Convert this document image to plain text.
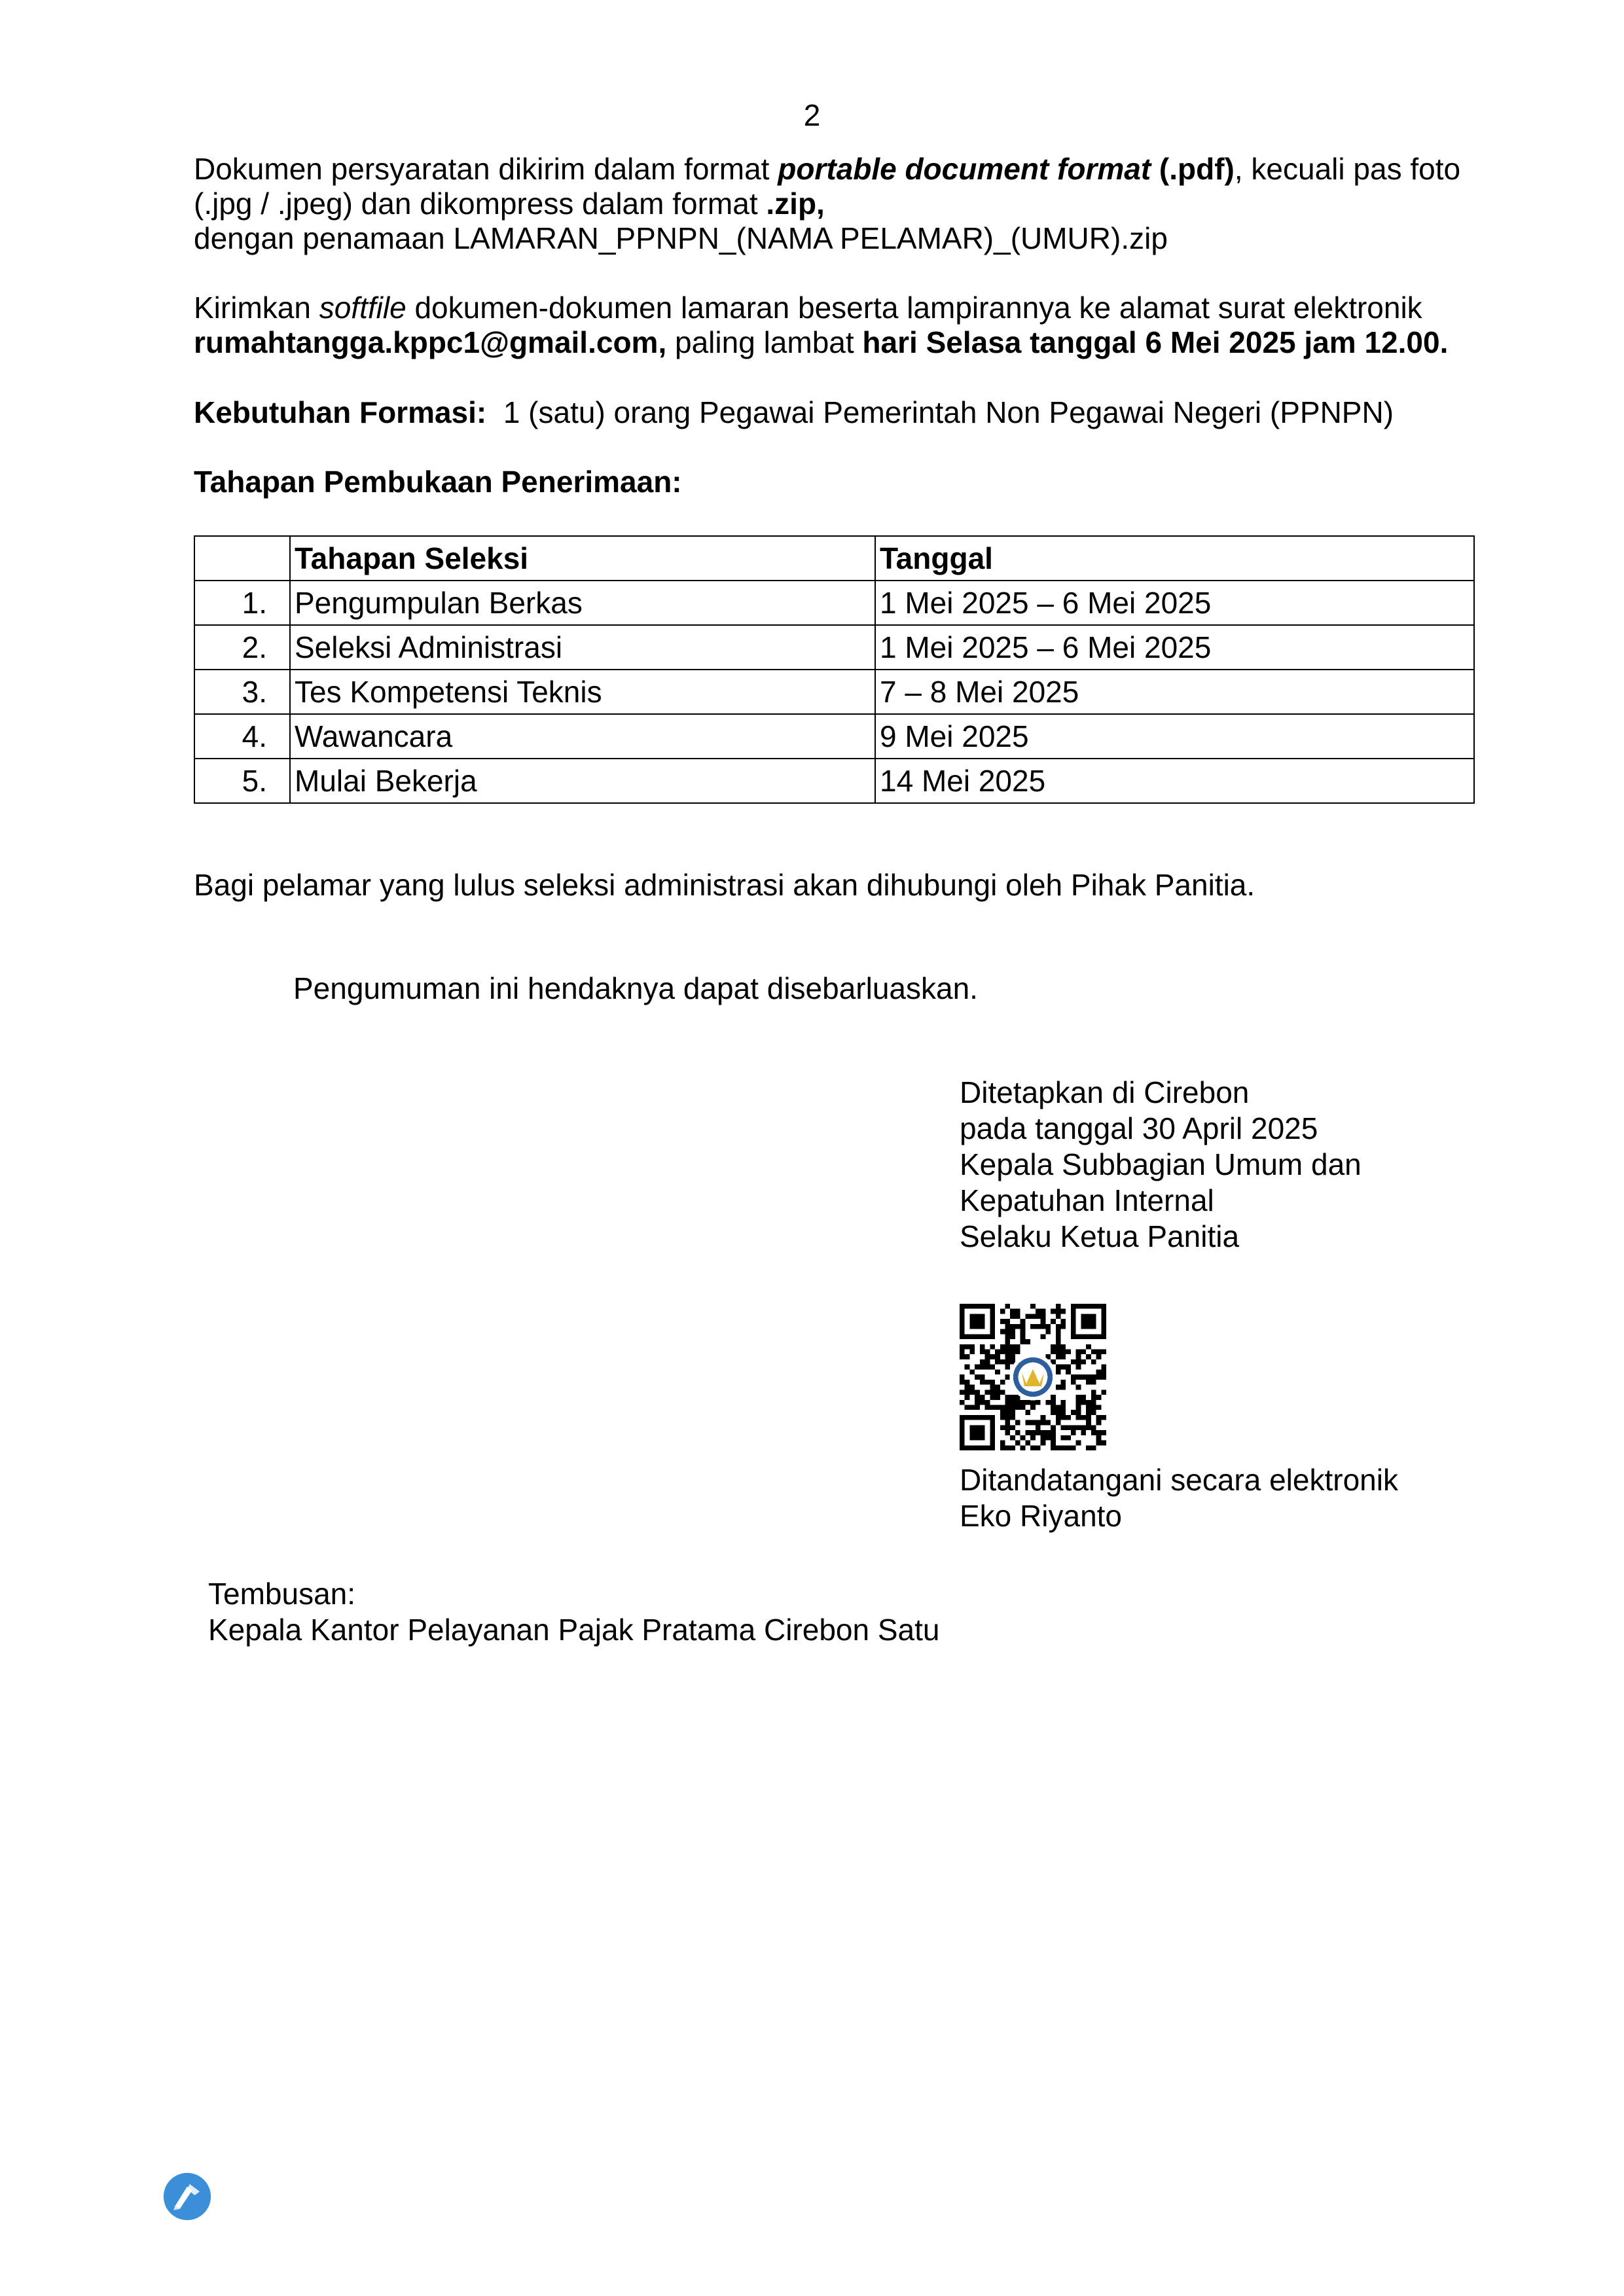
2
Dokumen persyaratan dikirim dalam format portable document format (.pdf), kecuali pas foto
(.jpg / .jpeg) dan dikompress dalam format .zip,
dengan penamaan LAMARAN_PPNPN_(NAMA PELAMAR)_(UMUR).zip
Kirimkan softfile dokumen-dokumen lamaran beserta lampirannya ke alamat surat elektronik
rumahtangga.kppc1@gmail.com, paling lambat hari Selasa tanggal 6 Mei 2025 jam 12.00.
Kebutuhan Formasi: 1 (satu) orang Pegawai Pemerintah Non Pegawai Negeri (PPNPN)
Tahapan Pembukaan Penerimaan:
	Tahapan Seleksi	Tanggal
1.	Pengumpulan Berkas	1 Mei 2025 – 6 Mei 2025
2.	Seleksi Administrasi	1 Mei 2025 – 6 Mei 2025
3.	Tes Kompetensi Teknis	7 – 8 Mei 2025
4.	Wawancara	9 Mei 2025
5.	Mulai Bekerja	14 Mei 2025
Bagi pelamar yang lulus seleksi administrasi akan dihubungi oleh Pihak Panitia.
Pengumuman ini hendaknya dapat disebarluaskan.
Ditetapkan di Cirebon
pada tanggal 30 April 2025
Kepala Subbagian Umum dan
Kepatuhan Internal
Selaku Ketua Panitia
Ditandatangani secara elektronik
Eko Riyanto
Tembusan:
Kepala Kantor Pelayanan Pajak Pratama Cirebon Satu
